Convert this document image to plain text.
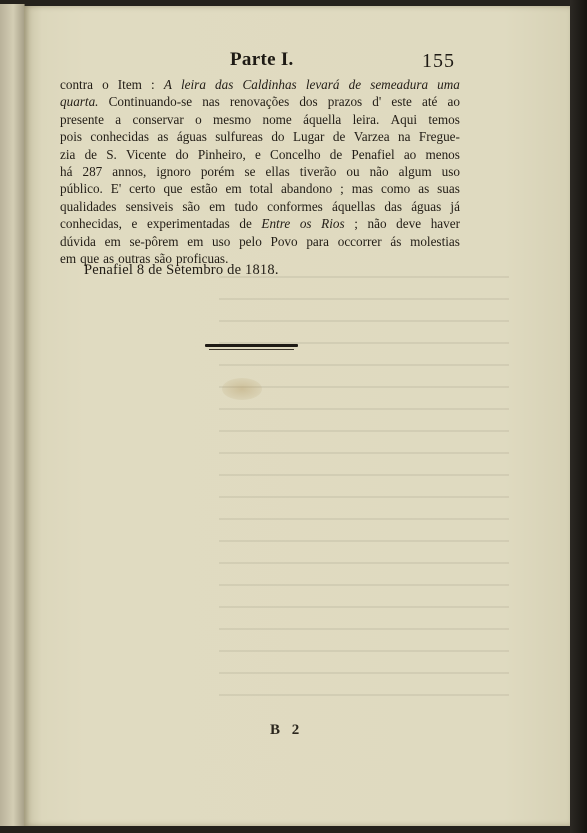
Parte I.	155
contra o Item : A leira das Caldinhas levará de semeadura uma
quarta. Continuando-se nas renovações dos prazos d' este até ao
presente a conservar o mesmo nome áquella leira. Aqui temos
pois conhecidas as águas sulfureas do Lugar de Varzea na Fregue-
zia de S. Vicente do Pinheiro, e Concelho de Penafiel ao menos
há 287 annos, ignoro porém se ellas tiverão ou não algum uso
público. E' certo que estão em total abandono ; mas como as suas
qualidades sensiveis são em tudo conformes áquellas das águas já
conhecidas, e experimentadas de Entre os Rios ; não deve haver
dúvida em se-pôrem em uso pelo Povo para occorrer ás molestias
em que as outras são proficuas.
Penafiel 8 de Setembro de 1818.
B 2
